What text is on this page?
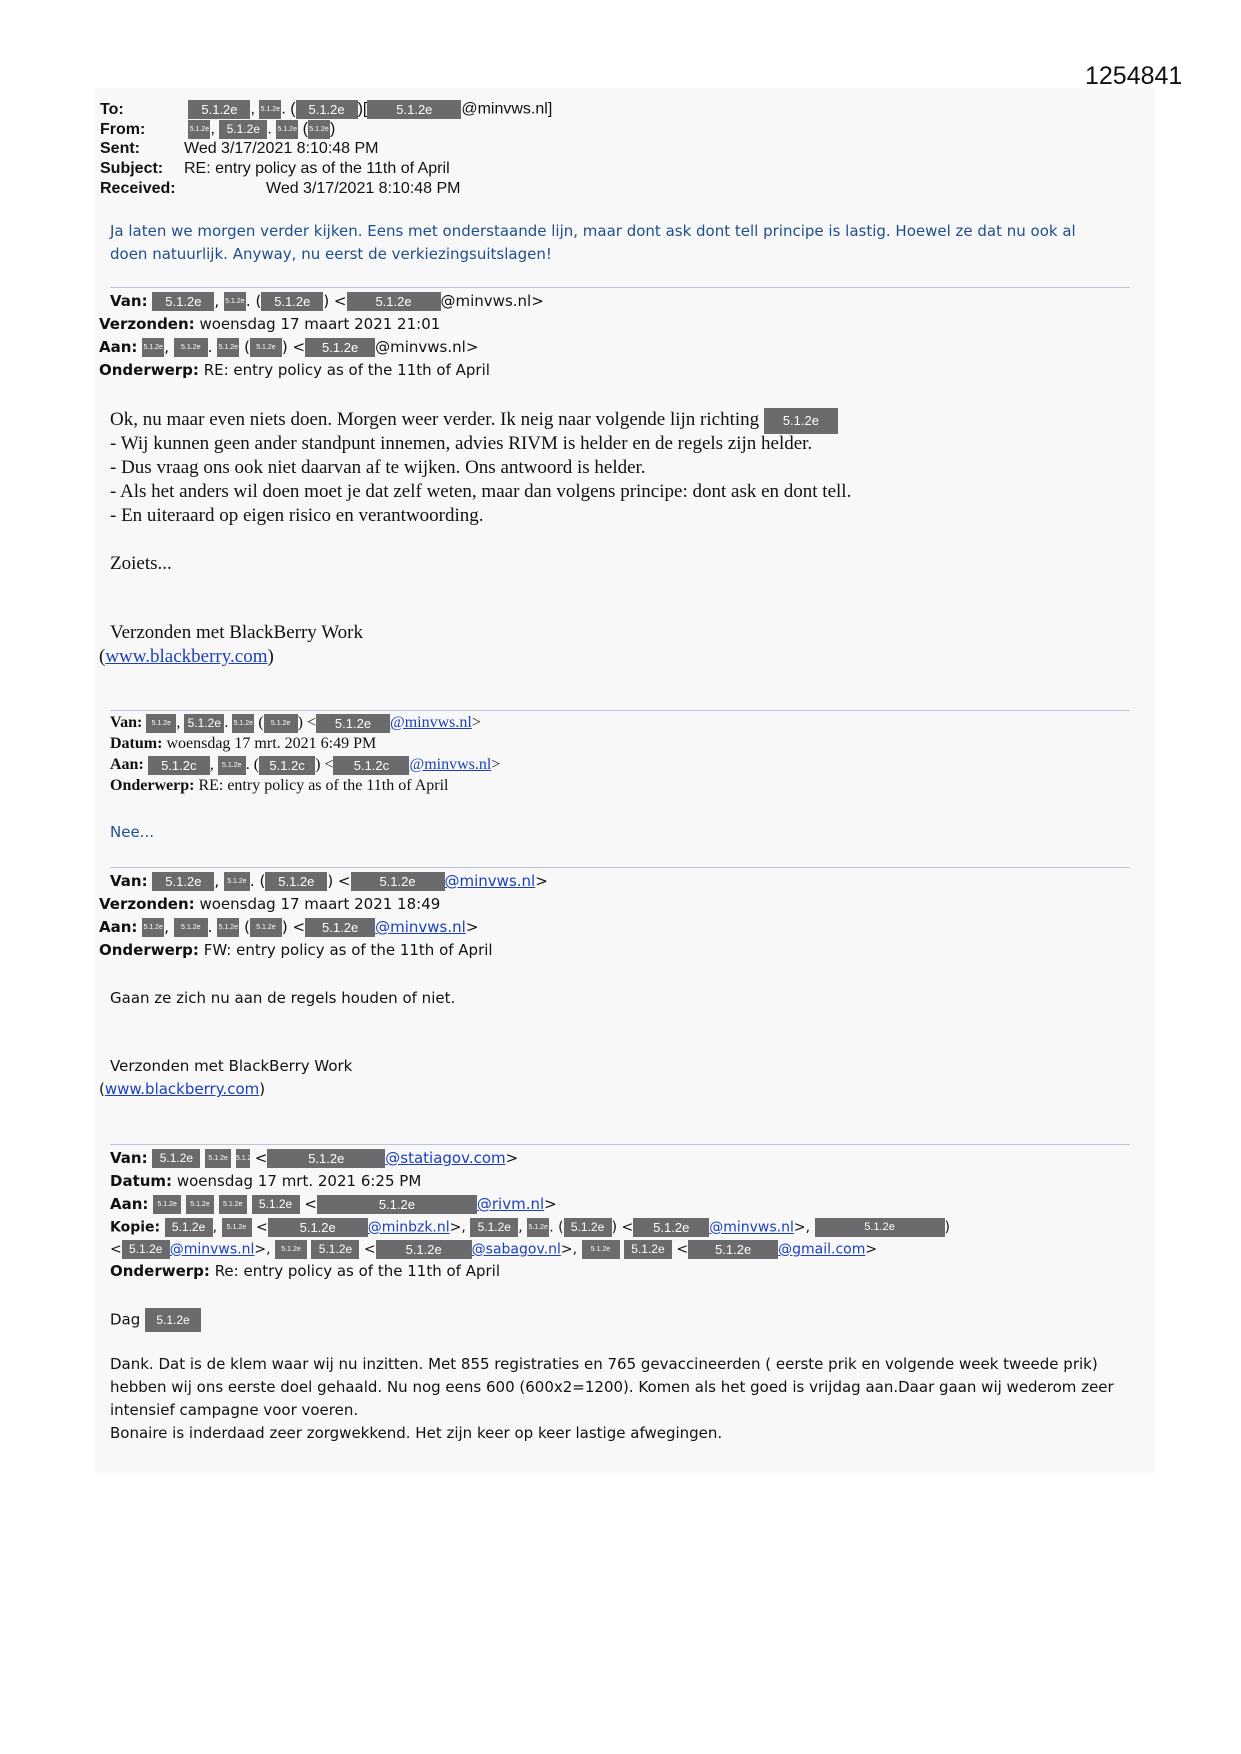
1254841
To:	5.1.2e , 5.1.2e. ( 5.1.2e )[ 5.1.2e @minvws.nl]
From:	5.1.2e, 5.1.2e . 5.1.2e (5.1.2e)
Sent:	Wed 3/17/2021 8:10:48 PM
Subject: RE: entry policy as of the 11th of April
Received:	Wed 3/17/2021 8:10:48 PM
Ja laten we morgen verder kijken. Eens met onderstaande lijn, maar dont ask dont tell principe is lastig. Hoewel ze dat nu ook al
doen natuurlijk. Anyway, nu eerst de verkiezingsuitslagen!
Van: 5.1.2e , 5.1.2e. ( 5.1.2e ) < 5.1.2e @minvws.nl>
Verzonden: woensdag 17 maart 2021 21:01
Aan: 5.1.2e, 5.1.2e . 5.1.2e ( 5.1.2e ) < 5.1.2e @minvws.nl>
Onderwerp: RE: entry policy as of the 11th of April
Ok, nu maar even niets doen. Morgen weer verder. Ik neig naar volgende lijn richting 5.1.2e
- Wij kunnen geen ander standpunt innemen, advies RIVM is helder en de regels zijn helder.
- Dus vraag ons ook niet daarvan af te wijken. Ons antwoord is helder.
- Als het anders wil doen moet je dat zelf weten, maar dan volgens principe: dont ask en dont tell.
- En uiteraard op eigen risico en verantwoording.
Zoiets...
Verzonden met BlackBerry Work
(www.blackberry.com)
Van: 5.1.2e , 5.1.2e . 5.1.2e ( 5.1.2e ) < 5.1.2e @minvws.nl>
Datum: woensdag 17 mrt. 2021 6:49 PM
Aan: 5.1.2c , 5.1.2e . ( 5.1.2c ) < 5.1.2c @minvws.nl>
Onderwerp: RE: entry policy as of the 11th of April
Nee...
Van: 5.1.2e , 5.1.2e . ( 5.1.2e ) < 5.1.2e @minvws.nl>
Verzonden: woensdag 17 maart 2021 18:49
Aan: 5.1.2e, 5.1.2e . 5.1.2e ( 5.1.2e ) < 5.1.2e @minvws.nl>
Onderwerp: FW: entry policy as of the 11th of April
Gaan ze zich nu aan de regels houden of niet.
Verzonden met BlackBerry Work
(www.blackberry.com)
Van: 5.1.2e 5.1.2e 5.1.2e <	5.1.2e	@statiagov.com>
Datum: woensdag 17 mrt. 2021 6:25 PM
Aan: 5.1.2e 5.1.2e 5.1.2e 5.1.2e <	5.1.2e	@rivm.nl>
Kopie: 5.1.2e , 5.1.2e < 5.1.2e @minbzk.nl>, 5.1.2e , 5.1.2e. ( 5.1.2e ) < 5.1.2e @minvws.nl>,	5.1.2e	)
< 5.1.2e @minvws.nl>, 5.1.2e 5.1.2e < 5.1.2e @sabagov.nl>, 5.1.2e 5.1.2e < 5.1.2e @gmail.com>
Onderwerp: Re: entry policy as of the 11th of April
Dag 5.1.2e
Dank. Dat is de klem waar wij nu inzitten. Met 855 registraties en 765 gevaccineerden ( eerste prik en volgende week tweede prik)
hebben wij ons eerste doel gehaald. Nu nog eens 600 (600x2=1200). Komen als het goed is vrijdag aan.Daar gaan wij wederom zeer
intensief campagne voor voeren.
Bonaire is inderdaad zeer zorgwekkend. Het zijn keer op keer lastige afwegingen.
